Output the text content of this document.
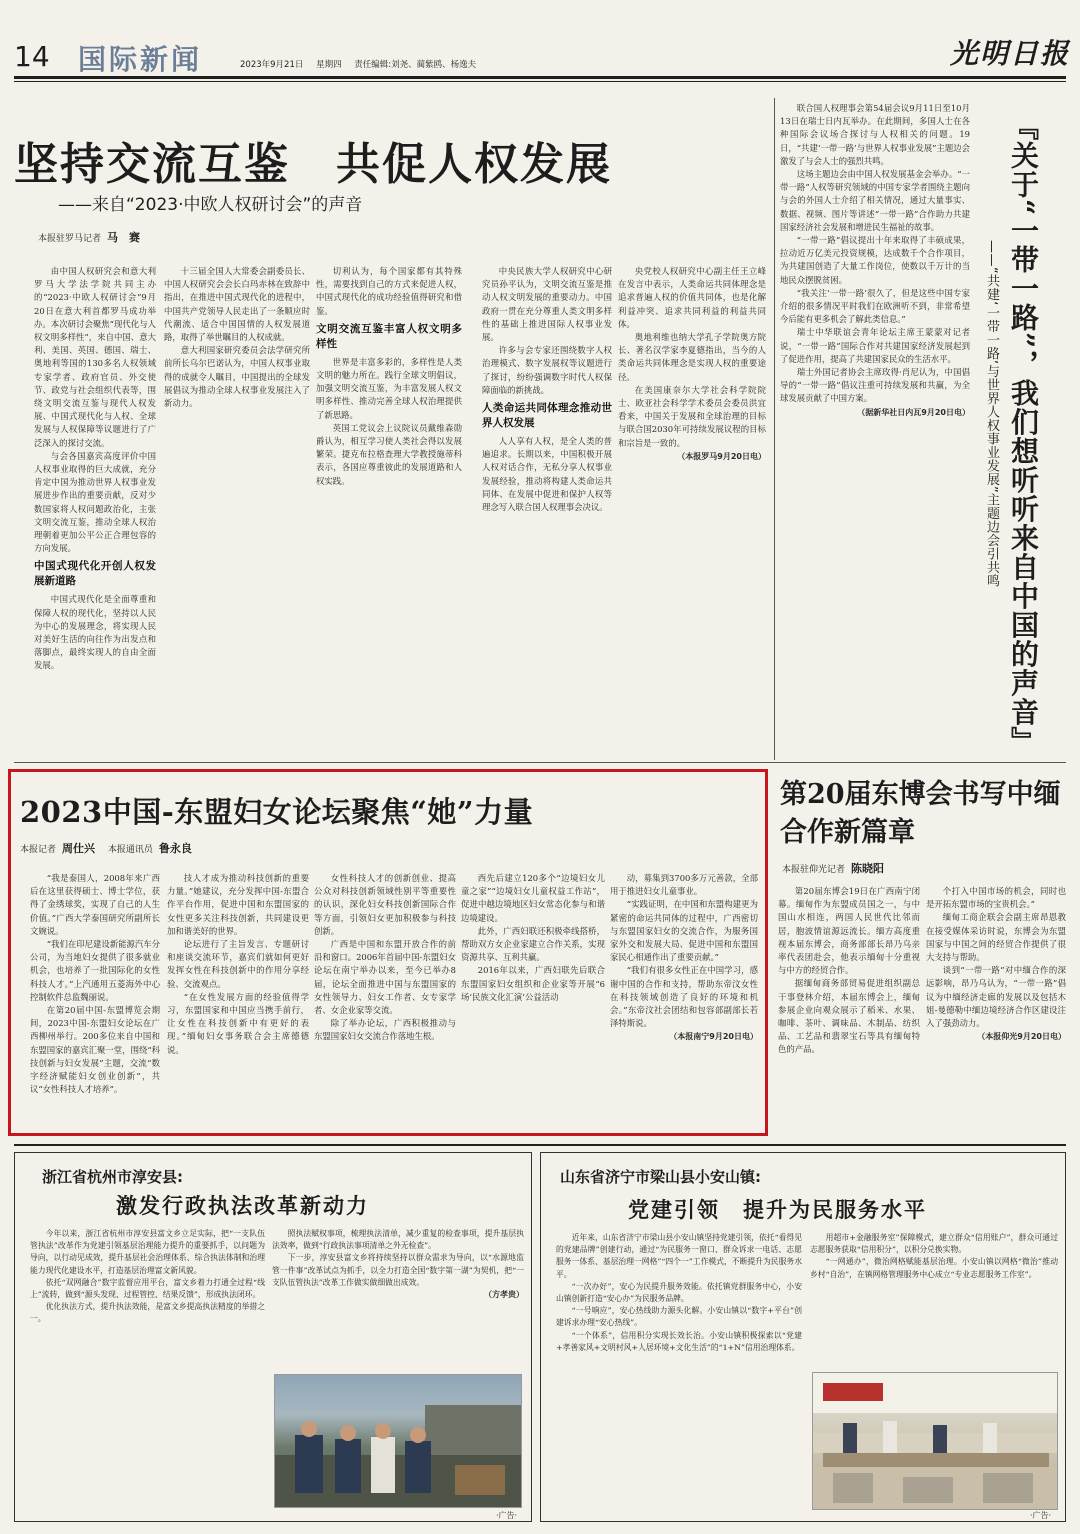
14 国际新闻	2023年9月21日 星期四 责任编辑:刘尧、蔺紫鸥、杨逸夫	光明日报
坚持交流互鉴　共促人权发展
——来自“2023·中欧人权研讨会”的声音
本报驻罗马记者 马　赛

由中国人权研究会和意大利罗马大学法学院共同主办的“2023·中欧人权研讨会”9月20日在意大利首都罗马成功举办。本次研讨会聚焦“现代化与人权文明多样性”，来自中国、意大利、美国、英国、德国、瑞士、奥地利等国的130多名人权领域专家学者、政府官员、外交使节、政党与社会组织代表等，围绕文明交流互鉴与现代人权发展、中国式现代化与人权、全球发展与人权保障等议题进行了广泛深入的探讨交流。

与会各国嘉宾高度评价中国人权事业取得的巨大成就，充分肯定中国为推动世界人权事业发展进步作出的重要贡献，反对少数国家将人权问题政治化，主张文明交流互鉴，推动全球人权治理朝着更加公平公正合理包容的方向发展。

中国式现代化开创人权发展新道路

中国式现代化是全面尊重和保障人权的现代化，坚持以人民为中心的发展理念，将实现人民对美好生活的向往作为出发点和落脚点，最终实现人的自由全面发展。

十三届全国人大常委会副委员长、中国人权研究会会长白玛赤林在致辞中指出，在推进中国式现代化的进程中，中国共产党领导人民走出了一条顺应时代潮流、适合中国国情的人权发展道路，取得了举世瞩目的人权成就。

意大利国家研究委员会法学研究所前所长乌尔巴诺认为，中国人权事业取得的成就令人瞩目，中国提出的全球发展倡议为推动全球人权事业发展注入了新动力。

切利认为，每个国家都有其特殊性，需要找到自己的方式来促进人权，中国式现代化的成功经验值得研究和借鉴。

文明交流互鉴丰富人权文明多样性

世界是丰富多彩的，多样性是人类文明的魅力所在。践行全球文明倡议，加强文明交流互鉴，为丰富发展人权文明多样性、推动完善全球人权治理提供了新思路。

英国工党议会上议院议员戴维森勋爵认为，相互学习使人类社会得以发展繁荣。捷克布拉格查理大学教授施蒂科表示，各国应尊重彼此的发展道路和人权实践。

中央民族大学人权研究中心研究员孙平认为，文明交流互鉴是推动人权文明发展的重要动力。中国政府一贯在充分尊重人类文明多样性的基础上推进国际人权事业发展。

许多与会专家还围绕数字人权治理模式、数字发展权等议题进行了探讨，纷纷强调数字时代人权保障面临的新挑战。

人类命运共同体理念推动世界人权发展

人人享有人权，是全人类的普遍追求。长期以来，中国积极开展人权对话合作，无私分享人权事业发展经验，推动将构建人类命运共同体、在发展中促进和保护人权等理念写入联合国人权理事会决议。

央党校人权研究中心副主任王立峰在发言中表示，人类命运共同体理念是追求普遍人权的价值共同体，也是化解利益冲突、追求共同利益的利益共同体。

奥地利维也纳大学孔子学院奥方院长、著名汉学家李夏德指出，当今的人类命运共同体理念是实现人权的重要途径。

在美国康奈尔大学社会科学院院士、欧亚社会科学学术委员会委员洪宜看来，中国关于发展和全球治理的目标与联合国2030年可持续发展议程的目标和宗旨是一致的。

（本报罗马9月20日电）

联合国人权理事会第54届会议9月11日至10月13日在瑞士日内瓦举办。在此期间，多国人士在各种国际会议场合探讨与人权相关的问题。19日，“共建‘一带一路’与世界人权事业发展”主题边会激发了与会人士的强烈共鸣。

这场主题边会由中国人权发展基金会举办。“一带一路”人权等研究领域的中国专家学者围绕主题向与会的外国人士介绍了相关情况，通过大量事实、数据、视频、图片等讲述“一带一路”合作助力共建国家经济社会发展和增进民生福祉的故事。

“一带一路”倡议提出十年来取得了丰硕成果，拉动近万亿美元投资规模，达成数千个合作项目，为共建国创造了大量工作岗位，使数以千万计的当地民众摆脱贫困。

“我关注‘一带一路’很久了，但是这些中国专家介绍的很多情况平时我们在欧洲听不到，非常希望今后能有更多机会了解此类信息。”

瑞士中华联谊会青年论坛主席王蒙蒙对记者说，“一带一路”国际合作对共建国家经济发展起到了促进作用，提高了共建国家民众的生活水平。

瑞士外国记者协会主席玫得·肖尼认为，中国倡导的“一带一路”倡议注重可持续发展和共赢，为全球发展贡献了中国方案。

（据新华社日内瓦9月20日电） 『关于“一带一路”，我们想听听来自中国的声音』
——“共建‘一带一路’与世界人权事业发展”主题边会引共鸣
2023中国-东盟妇女论坛聚焦“她”力量
本报记者 周仕兴 本报通讯员 鲁永良

“我是泰国人，2008年来广西后在这里获得硕士、博士学位，获得了金绣球奖，实现了自己的人生价值。”广西大学泰国研究所副所长文婉说。

“我们在印尼建设新能源汽车分公司，为当地妇女提供了很多就业机会，也培养了一批国际化的女性科技人才。”上汽通用五菱海外中心控制软件总监魏丽说。

在第20届中国-东盟博览会期间，2023中国-东盟妇女论坛在广西柳州举行。200多位来自中国和东盟国家的嘉宾汇聚一堂，围绕“科技创新与妇女发展”主题，交流“数字经济赋能妇女创业创新”，共议“女性科技人才培养”。

技人才成为推动科技创新的重要力量。”她建议，充分发挥中国-东盟合作平台作用，促进中国和东盟国家的女性更多关注科技创新，共同建设更加和谐美好的世界。

论坛进行了主旨发言、专题研讨和座谈交流环节，嘉宾们就如何更好发挥女性在科技创新中的作用分享经验、交流观点。

“在女性发展方面的经验值得学习，东盟国家和中国应当携手前行，让女性在科技创新中有更好的表现。”缅甸妇女事务联合会主席德德说。

女性科技人才的创新创业、提高公众对科技创新领域性别平等重要性的认识，深化妇女科技创新国际合作等方面，引领妇女更加积极参与科技创新。

广西是中国和东盟开放合作的前沿和窗口。2006年首届中国-东盟妇女论坛在南宁举办以来，至今已举办8届，论坛全面推进中国与东盟国家的女性领导力、妇女工作者、女专家学者、女企业家等交流。

除了举办论坛，广西积极推动与东盟国家妇女交流合作落地生根。

西先后建立120多个“边境妇女儿童之家”“边境妇女儿童权益工作站”，促进中越边境地区妇女常态化参与和谐边境建设。

此外，广西妇联还积极牵线搭桥，帮助双方女企业家建立合作关系，实现资源共享、互利共赢。

2016年以来，广西妇联先后联合东盟国家妇女组织和企业家等开展“6场‘民族文化汇演’公益活动

动，募集到3700多万元善款，全部用于推进妇女儿童事业。

“实践证明，在中国和东盟构建更为紧密的命运共同体的过程中，广西密切与东盟国家妇女的交流合作，为服务国家外交和发展大局、促进中国和东盟国家民心相通作出了重要贡献。”

“我们有很多女性正在中国学习，感谢中国的合作和支持，帮助东帝汶女性在科技领域创造了良好的环境和机会。”东帝汶社会团结和包容部副部长若泽特斯说。

（本报南宁9月20日电）

第20届东博会书写中缅合作新篇章
本报驻仰光记者 陈晓阳

第20届东博会19日在广西南宁闭幕。缅甸作为东盟成员国之一，与中国山水相连，两国人民世代比邻而居，胞波情谊源远流长。缅方高度重视本届东博会，商务部部长昂乃乌亲率代表团赴会，他表示缅甸十分重视与中方的经贸合作。

据缅甸商务部贸易促进组织副总干事登林介绍，本届东博会上，缅甸参展企业向观众展示了稻米、水果、咖啡、茶叶、调味品、木制品、纺织品、工艺品和翡翠宝石等具有缅甸特色的产品。

个打入中国市场的机会，同时也是开拓东盟市场的宝贵机会。”

缅甸工商企联会会副主席昂恩教在接受媒体采访时说，东博会为东盟国家与中国之间的经贸合作提供了很大支持与帮助。

谈到“一带一路”对中缅合作的深远影响，昂乃乌认为，“一带一路”倡议为中缅经济走廊的发展以及包括木姐-曼德勒中缅边境经济合作区建设注入了强劲动力。

（本报仰光9月20日电）

浙江省杭州市淳安县:
激发行政执法改革新动力

今年以来，浙江省杭州市淳安县富文乡立足实际，把“一支队伍管执法”改革作为党建引领基层治理能力提升的重要抓手，以问题为导向，以行动见成效，提升基层社会治理体系、综合执法体制和治理能力现代化建设水平，打造基层治理富文新风貌。

依托“双网融合”数字监督应用平台，富文乡着力打通全过程“线上”流转，做到“源头发现、过程管控、结果反馈”，形成执法闭环。

优化执法方式，提升执法效能，是富文乡提高执法精度的举措之一。

照执法赋权事项，梳理执法清单，减少重复的检查事项，提升基层执法效率，做到“行政执法事项清单之外无检查”。

下一步，淳安县富文乡将持续坚持以群众需求为导向，以“水源地监管一件事”改革试点为抓手，以全力打造全国“数字第一湖”为契机，把“一支队伍管执法”改革工作做实做细做出成效。

（方孝贵）

·广告·
山东省济宁市梁山县小安山镇:
党建引领　提升为民服务水平

近年来，山东省济宁市梁山县小安山镇坚持党建引领，依托“看得见的党建品牌”创建行动，通过“为民服务一窗口、群众诉求一电话、志愿服务一体系、基层治理一网格”“四个一”工作模式，不断提升为民服务水平。

“一次办好”，安心为民提升服务效能。依托镇党群服务中心，小安山镇创新打造“安心办”为民服务品牌。

“一号响应”，安心热线助力源头化解。小安山镇以“数字+平台”创建诉求办理“安心热线”。

“一个体系”，信用积分实现长效长治。小安山镇积极探索以“党建+孝善家风+文明村风+人居环境+文化生活”的“1+N”信用治理体系。

用超市+金融服务室”保障模式，建立群众“信用账户”，群众可通过志愿服务获取“信用积分”，以积分兑换实物。

“一网通办”，微治网格赋能基层治理。小安山镇以网格“微治”推动乡村“自治”，在镇网格管理服务中心成立“专业志愿服务工作室”。

·广告·
